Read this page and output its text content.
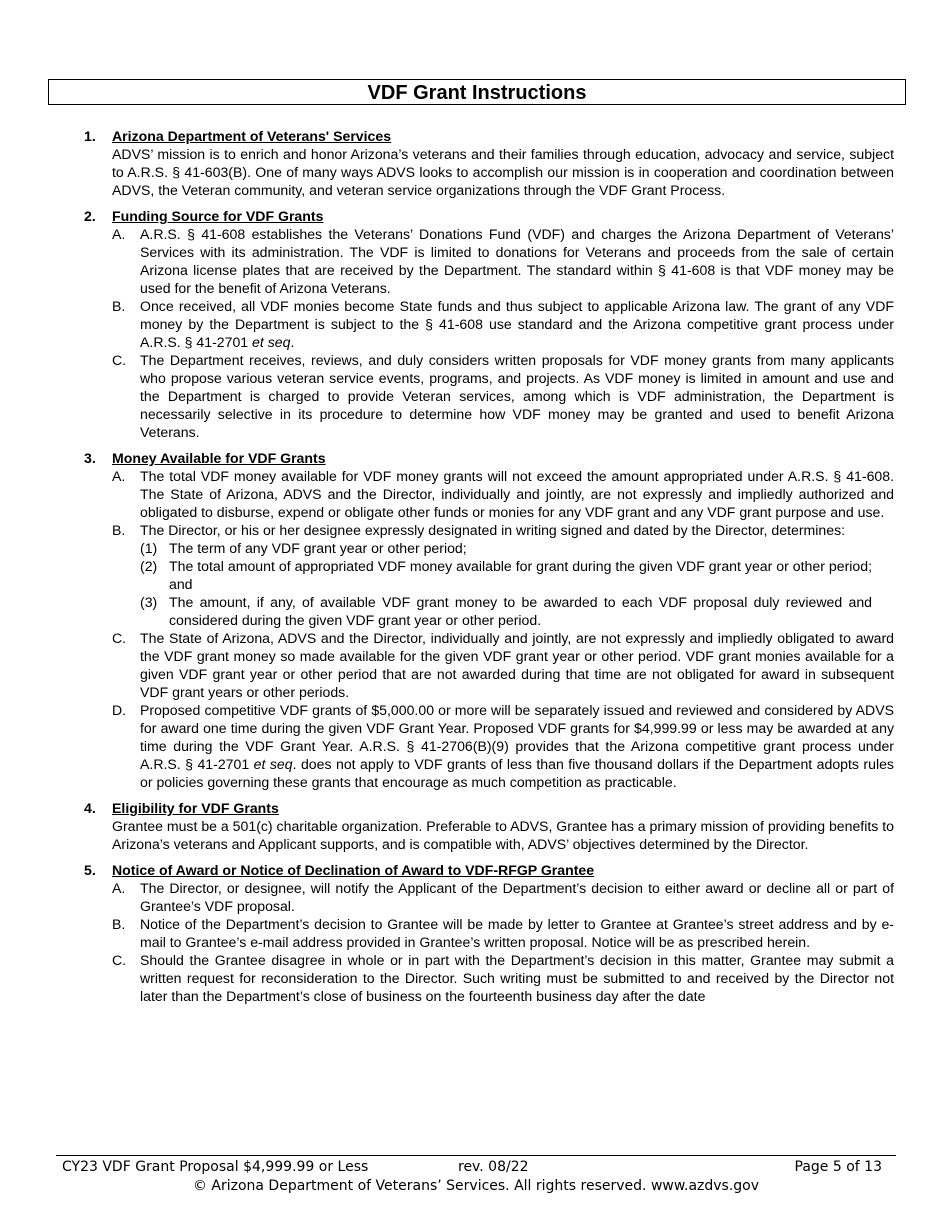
VDF Grant Instructions
1.	Arizona Department of Veterans' Services
ADVS’ mission is to enrich and honor Arizona’s veterans and their families through education, advocacy and service, subject to A.R.S. § 41-603(B). One of many ways ADVS looks to accomplish our mission is in cooperation and coordination between ADVS, the Veteran community, and veteran service organizations through the VDF Grant Process.
2.	Funding Source for VDF Grants
A.	A.R.S. § 41-608 establishes the Veterans’ Donations Fund (VDF) and charges the Arizona Department of Veterans’ Services with its administration. The VDF is limited to donations for Veterans and proceeds from the sale of certain Arizona license plates that are received by the Department. The standard within § 41-608 is that VDF money may be used for the benefit of Arizona Veterans.
B.	Once received, all VDF monies become State funds and thus subject to applicable Arizona law. The grant of any VDF money by the Department is subject to the § 41-608 use standard and the Arizona competitive grant process under A.R.S. § 41-2701 et seq.
C. The Department receives, reviews, and duly considers written proposals for VDF money grants from many applicants who propose various veteran service events, programs, and projects. As VDF money is limited in amount and use and the Department is charged to provide Veteran services, among which is VDF administration, the Department is necessarily selective in its procedure to determine how VDF money may be granted and used to benefit Arizona Veterans.
3.	Money Available for VDF Grants
A.	The total VDF money available for VDF money grants will not exceed the amount appropriated under A.R.S. § 41-608. The State of Arizona, ADVS and the Director, individually and jointly, are not expressly and impliedly authorized and obligated to disburse, expend or obligate other funds or monies for any VDF grant and any VDF grant purpose and use.
B.	The Director, or his or her designee expressly designated in writing signed and dated by the Director, determines:
(1) The term of any VDF grant year or other period;
(2) The total amount of appropriated VDF money available for grant during the given VDF grant year or other period; and
(3) The amount, if any, of available VDF grant money to be awarded to each VDF proposal duly reviewed and considered during the given VDF grant year or other period.
C. The State of Arizona, ADVS and the Director, individually and jointly, are not expressly and impliedly obligated to award the VDF grant money so made available for the given VDF grant year or other period. VDF grant monies available for a given VDF grant year or other period that are not awarded during that time are not obligated for award in subsequent VDF grant years or other periods.
D. Proposed competitive VDF grants of $5,000.00 or more will be separately issued and reviewed and considered by ADVS for award one time during the given VDF Grant Year. Proposed VDF grants for $4,999.99 or less may be awarded at any time during the VDF Grant Year. A.R.S. § 41-2706(B)(9) provides that the Arizona competitive grant process under A.R.S. § 41-2701 et seq. does not apply to VDF grants of less than five thousand dollars if the Department adopts rules or policies governing these grants that encourage as much competition as practicable.
4.	Eligibility for VDF Grants
Grantee must be a 501(c) charitable organization. Preferable to ADVS, Grantee has a primary mission of providing benefits to Arizona’s veterans and Applicant supports, and is compatible with, ADVS’ objectives determined by the Director.
5.	Notice of Award or Notice of Declination of Award to VDF-RFGP Grantee
A.	The Director, or designee, will notify the Applicant of the Department’s decision to either award or decline all or part of Grantee’s VDF proposal.
B.	Notice of the Department’s decision to Grantee will be made by letter to Grantee at Grantee’s street address and by e-mail to Grantee’s e-mail address provided in Grantee’s written proposal. Notice will be as prescribed herein.
C. Should the Grantee disagree in whole or in part with the Department’s decision in this matter, Grantee may submit a written request for reconsideration to the Director. Such writing must be submitted to and received by the Director not later than the Department’s close of business on the fourteenth business day after the date
CY23 VDF Grant Proposal $4,999.99 or Less	rev. 08/22	Page 5 of 13
© Arizona Department of Veterans’ Services. All rights reserved. www.azdvs.gov
